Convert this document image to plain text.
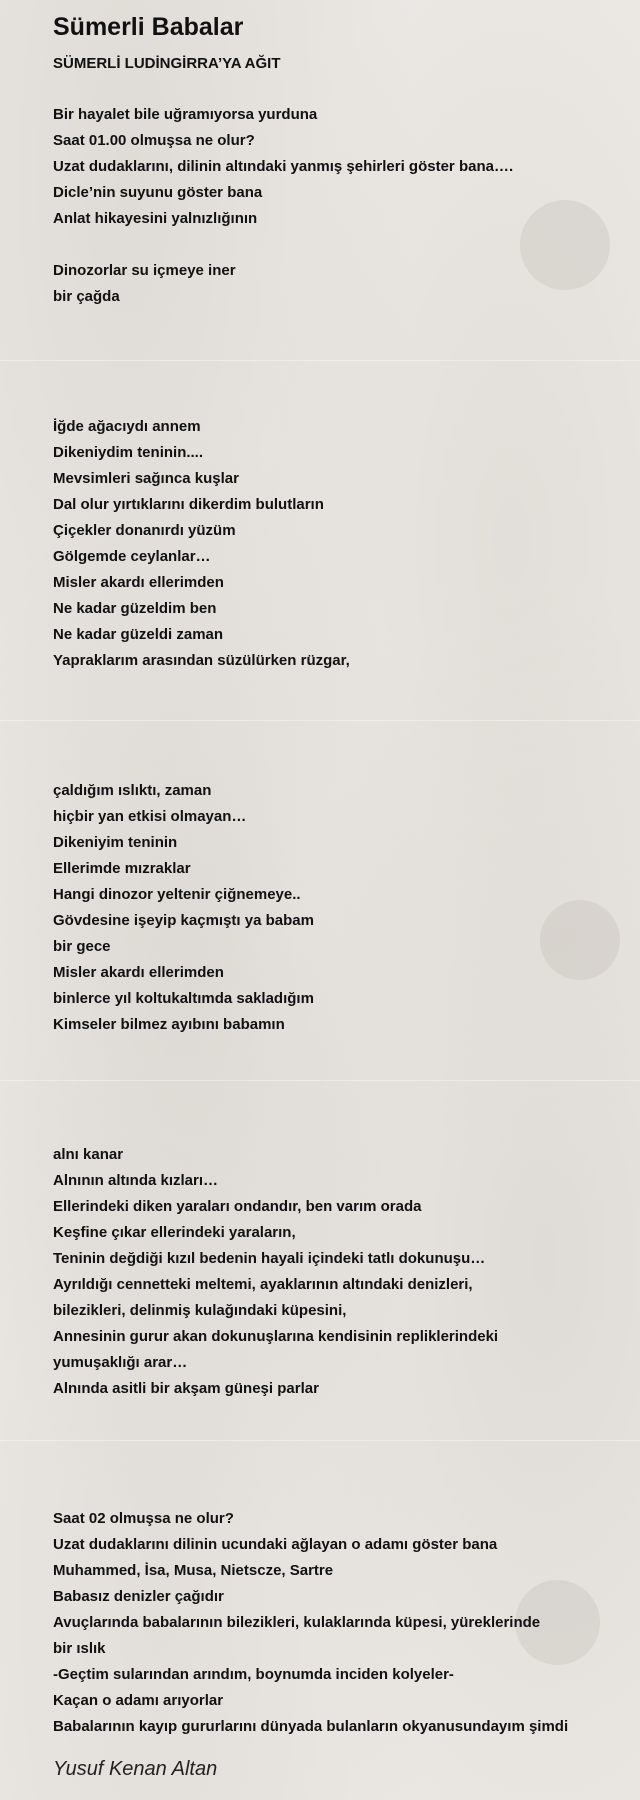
Sümerli Babalar
SÜMERLİ LUDİNGİRRA’YA AĞIT

Bir hayalet bile uğramıyorsa yurduna
Saat 01.00 olmuşsa ne olur?
Uzat dudaklarını, dilinin altındaki yanmış şehirleri göster bana….
Dicle’nin suyunu göster bana
Anlat hikayesini yalnızlığının

Dinozorlar su içmeye iner
bir çağda

İğde ağacıydı annem
Dikeniydim teninin....
Mevsimleri sağınca kuşlar
Dal olur yırtıklarını dikerdim bulutların
Çiçekler donanırdı yüzüm
Gölgemde ceylanlar…
Misler akardı ellerimden
Ne kadar güzeldim ben
Ne kadar güzeldi zaman
Yapraklarım arasından süzülürken rüzgar,

çaldığım ıslıktı, zaman
hiçbir yan etkisi olmayan…
Dikeniyim teninin
Ellerimde mızraklar
Hangi dinozor yeltenir çiğnemeye..
Gövdesine işeyip kaçmıştı ya babam
bir gece
Misler akardı ellerimden
binlerce yıl koltukaltımda sakladığım
Kimseler bilmez ayıbını babamın

alnı kanar
Alnının altında kızları…
Ellerindeki diken yaraları ondandır, ben varım orada
Keşfine çıkar ellerindeki yaraların,
Teninin değdiği kızıl bedenin hayali içindeki tatlı dokunuşu…
Ayrıldığı cennetteki meltemi, ayaklarının altındaki denizleri,
bilezikleri, delinmiş kulağındaki küpesini,
Annesinin gurur akan dokunuşlarına kendisinin repliklerindeki
yumuşaklığı arar…
Alnında asitli bir akşam güneşi parlar

Saat 02 olmuşsa ne olur?
Uzat dudaklarını dilinin ucundaki ağlayan o adamı göster bana
Muhammed, İsa, Musa, Nietscze, Sartre
Babasız denizler çağıdır
Avuçlarında babalarının bilezikleri, kulaklarında küpesi, yüreklerinde
bir ıslık
-Geçtim sularından arındım, boynumda inciden kolyeler-
Kaçan o adamı arıyorlar
Babalarının kayıp gururlarını dünyada bulanların okyanusundayım şimdi
Yusuf Kenan Altan
